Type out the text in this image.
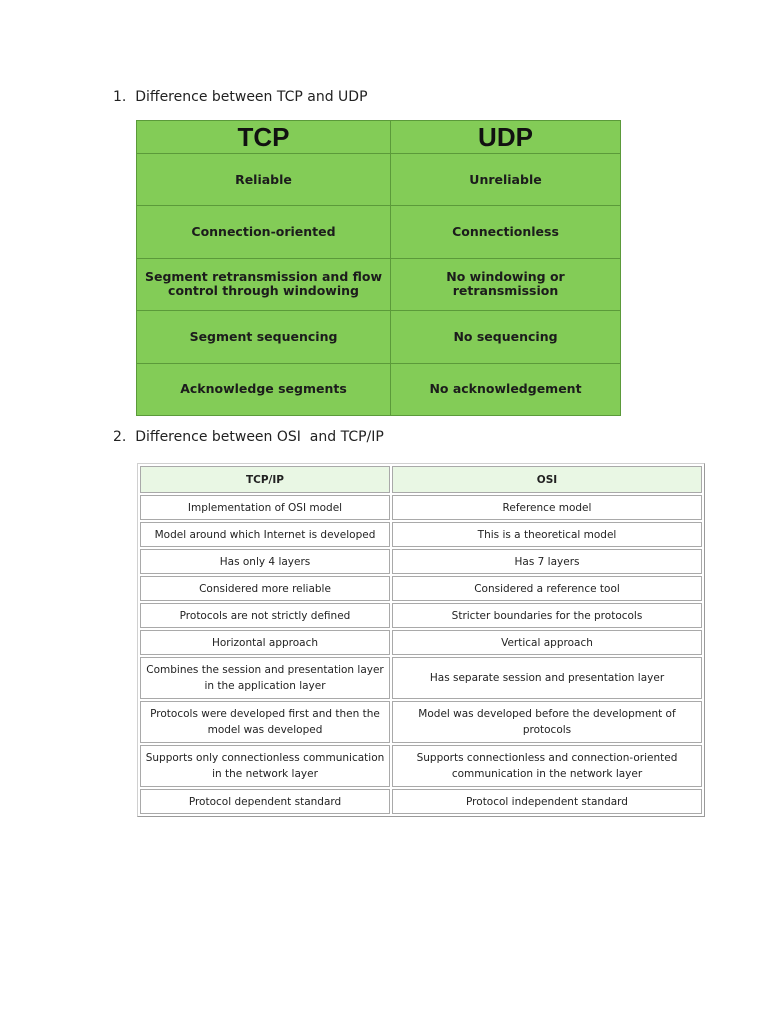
1.  Difference between TCP and UDP
TCP	UDP
Reliable	Unreliable
Connection-oriented	Connectionless
Segment retransmission and flow control through windowing	No windowing or retransmission
Segment sequencing	No sequencing
Acknowledge segments	No acknowledgement
2.  Difference between OSI  and TCP/IP
TCP/IP	OSI
Implementation of OSI model	Reference model
Model around which Internet is developed	This is a theoretical model
Has only 4 layers	Has 7 layers
Considered more reliable	Considered a reference tool
Protocols are not strictly defined	Stricter boundaries for the protocols
Horizontal approach	Vertical approach
Combines the session and presentation layer in the application layer	Has separate session and presentation layer
Protocols were developed first and then the model was developed	Model was developed before the development of protocols
Supports only connectionless communication in the network layer	Supports connectionless and connection-oriented communication in the network layer
Protocol dependent standard	Protocol independent standard
